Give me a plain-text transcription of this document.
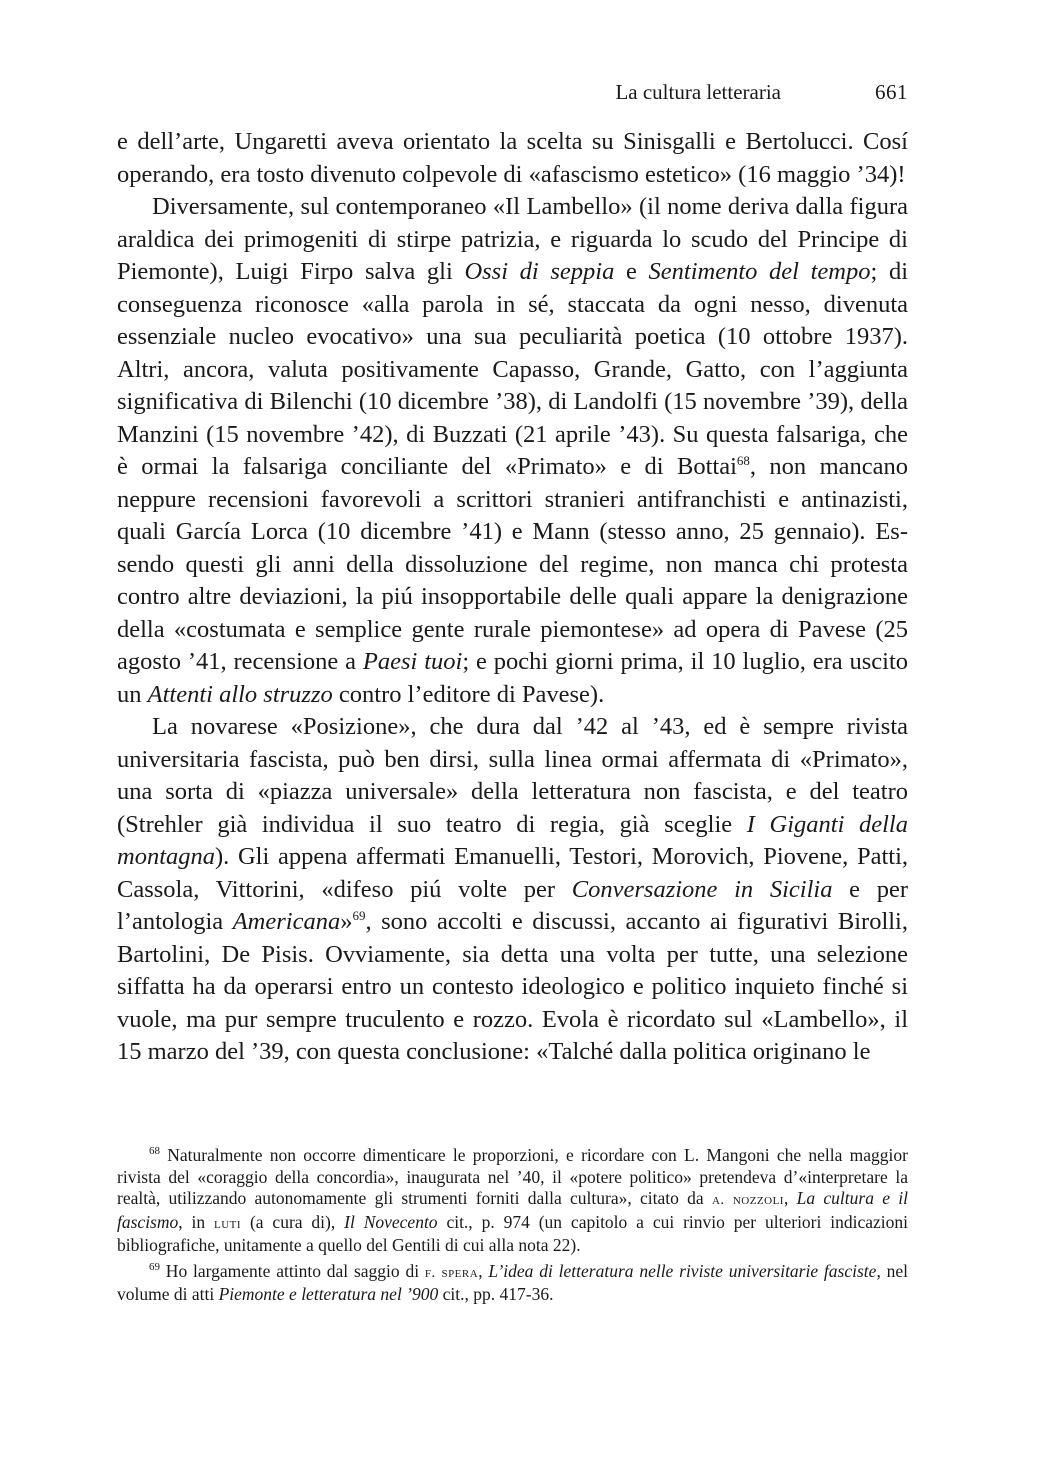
La cultura letteraria	661

e dell’arte, Ungaretti aveva orientato la scelta su Sinisgalli e Bertolucci. Cosí operando, era tosto divenuto colpevole di «afascismo estetico» (16 maggio ’34)!

Diversamente, sul contemporaneo «Il Lambello» (il nome deriva dalla figura araldica dei primogeniti di stirpe patrizia, e riguarda lo scudo del Principe di Piemonte), Luigi Firpo salva gli Ossi di seppia e Sentimento del tempo; di conseguenza riconosce «alla parola in sé, staccata da ogni nesso, divenuta essenziale nucleo evocativo» una sua peculiarità poetica (10 ottobre 1937). Altri, ancora, valuta positivamente Capasso, Grande, Gatto, con l’aggiunta significativa di Bilenchi (10 dicembre ’38), di Landolfi (15 novembre ’39), della Manzini (15 novembre ’42), di Buzzati (21 aprile ’43). Su questa falsariga, che è ormai la falsariga conciliante del «Primato» e di Bottai$^{68}$, non mancano neppure recensioni favorevoli a scrittori stranieri antifranchisti e antinazisti, quali García Lorca (10 dicembre ’41) e Mann (stesso anno, 25 gennaio). Essendo questi gli anni della dissoluzione del regime, non manca chi protesta contro altre deviazioni, la piú insopportabile delle quali appare la denigrazione della «costumata e semplice gente rurale piemontese» ad opera di Pavese (25 agosto ’41, recensione a Paesi tuoi; e pochi giorni prima, il 10 luglio, era uscito un Attenti allo struzzo contro l’editore di Pavese).

La novarese «Posizione», che dura dal ’42 al ’43, ed è sempre rivista universitaria fascista, può ben dirsi, sulla linea ormai affermata di «Primato», una sorta di «piazza universale» della letteratura non fascista, e del teatro (Strehler già individua il suo teatro di regia, già sceglie I Giganti della montagna). Gli appena affermati Emanuelli, Testori, Morovich, Piovene, Patti, Cassola, Vittorini, «difeso piú volte per Conversazione in Sicilia e per l’antologia Americana»$^{69}$, sono accolti e discussi, accanto ai figurativi Birolli, Bartolini, De Pisis. Ovviamente, sia detta una volta per tutte, una selezione siffatta ha da operarsi entro un contesto ideologico e politico inquieto finché si vuole, ma pur sempre truculento e rozzo. Evola è ricordato sul «Lambello», il 15 marzo del ’39, con questa conclusione: «Talché dalla politica originano le

$^{68}$ Naturalmente non occorre dimenticare le proporzioni, e ricordare con L. Mangoni che nella maggior rivista del «coraggio della concordia», inaugurata nel ’40, il «potere politico» pretendeva d’«interpretare la realtà, utilizzando autonomamente gli strumenti forniti dalla cultura», citato da a. nozzoli, La cultura e il fascismo, in luti (a cura di), Il Novecento cit., p. 974 (un capitolo a cui rinvio per ulteriori indicazioni bibliografiche, unitamente a quello del Gentili di cui alla nota 22).

$^{69}$ Ho largamente attinto dal saggio di f. spera, L’idea di letteratura nelle riviste universitarie fasciste, nel volume di atti Piemonte e letteratura nel ’900 cit., pp. 417-36.
